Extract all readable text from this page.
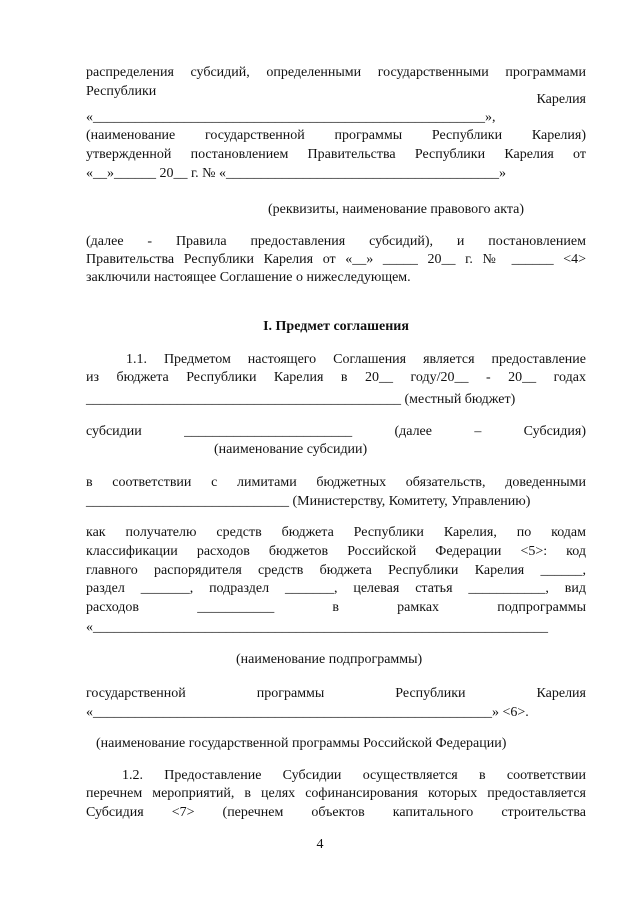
распределения субсидий, определенными государственными программами
Республики
Карелия
«________________________________________________________»,
(наименование государственной программы Республики Карелия)
утвержденной постановлением Правительства Республики Карелия от
«__»______ 20__ г. № «_______________________________________»
(реквизиты, наименование правового акта)
(далее - Правила предоставления субсидий), и постановлением
Правительства Республики Карелия от «__» _____ 20__ г. № ______ <4>
заключили настоящее Соглашение о нижеследующем.
I. Предмет соглашения
1.1. Предметом настоящего Соглашения является предоставление
из бюджета Республики Карелия в 20__ году/20__ - 20__ годах
_____________________________________________ (местный бюджет)
субсидии ________________________ (далее – Субсидия)
(наименование субсидии)
в соответствии с лимитами бюджетных обязательств, доведенными
_____________________________ (Министерству, Комитету, Управлению)
как получателю средств бюджета Республики Карелия, по кодам
классификации расходов бюджетов Российской Федерации <5>: код
главного распорядителя средств бюджета Республики Карелия ______,
раздел _______, подраздел _______, целевая статья ___________, вид
расходов ___________ в рамках подпрограммы
«_________________________________________________________________
(наименование подпрограммы)
государственной программы Республики Карелия
«_________________________________________________________» <6>.
(наименование государственной программы Российской Федерации)
1.2. Предоставление Субсидии осуществляется в соответствии
перечнем мероприятий, в целях софинансирования которых предоставляется
Субсидия <7> (перечнем объектов капитального строительства
4
